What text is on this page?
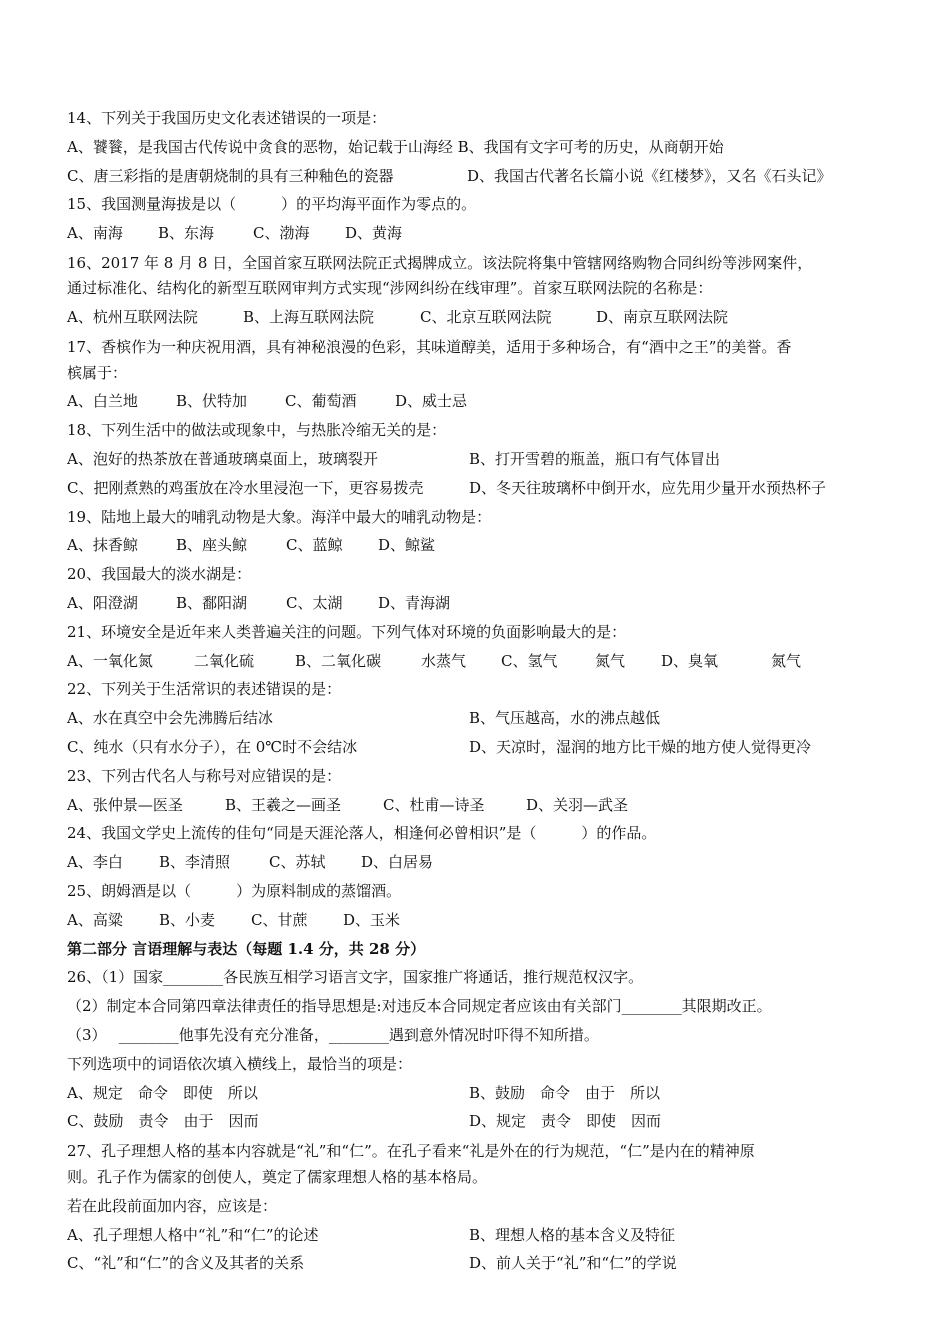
14、下列关于我国历史文化表述错误的一项是：
A、饕餮，是我国古代传说中贪食的恶物，始记载于山海经 B、我国有文字可考的历史，从商朝开始
C、唐三彩指的是唐朝烧制的具有三种釉色的瓷器	D、我国古代著名长篇小说《红楼梦》，又名《石头记》
15、我国测量海拔是以（　　　）的平均海平面作为零点的。
A、南海	B、东海	C、渤海	D、黄海
16、2017 年 8 月 8 日，全国首家互联网法院正式揭牌成立。该法院将集中管辖网络购物合同纠纷等涉网案件，
通过标准化、结构化的新型互联网审判方式实现“涉网纠纷在线审理”。首家互联网法院的名称是：
A、杭州互联网法院	B、上海互联网法院	C、北京互联网法院	D、南京互联网法院
17、香槟作为一种庆祝用酒，具有神秘浪漫的色彩，其味道醇美，适用于多种场合，有“酒中之王”的美誉。香
槟属于：
A、白兰地	B、伏特加	C、葡萄酒	D、威士忌
18、下列生活中的做法或现象中，与热胀冷缩无关的是：
A、泡好的热茶放在普通玻璃桌面上，玻璃裂开	B、打开雪碧的瓶盖，瓶口有气体冒出
C、把刚煮熟的鸡蛋放在冷水里浸泡一下，更容易拨壳	D、冬天往玻璃杯中倒开水，应先用少量开水预热杯子
19、陆地上最大的哺乳动物是大象。海洋中最大的哺乳动物是：
A、抹香鲸	B、座头鲸	C、蓝鲸	D、鲸鲨
20、我国最大的淡水湖是：
A、阳澄湖	B、鄱阳湖	C、太湖	D、青海湖
21、环境安全是近年来人类普遍关注的问题。下列气体对环境的负面影响最大的是：
A、一氧化氮	二氧化硫	B、二氧化碳	水蒸气	C、氢气	氮气	D、臭氧	氮气
22、下列关于生活常识的表述错误的是：
A、水在真空中会先沸腾后结冰	B、气压越高，水的沸点越低
C、纯水（只有水分子），在 0℃时不会结冰	D、天凉时，湿润的地方比干燥的地方使人觉得更冷
23、下列古代名人与称号对应错误的是：
A、张仲景—医圣	B、王羲之—画圣	C、杜甫—诗圣	D、关羽—武圣
24、我国文学史上流传的佳句“同是天涯沦落人，相逢何必曾相识”是（　　　）的作品。
A、李白	B、李清照	C、苏轼	D、白居易
25、朗姆酒是以（　　　）为原料制成的蒸馏酒。
A、高粱	B、小麦	C、甘蔗	D、玉米
第二部分 言语理解与表达（每题 1.4 分，共 28 分）
26、（1）国家________各民族互相学习语言文字，国家推广将通话，推行规范权汉字。
（2）制定本合同第四章法律责任的指导思想是:对违反本合同规定者应该由有关部门________其限期改正。
（3）　 ________他事先没有充分准备，________遇到意外情况时吓得不知所措。
下列选项中的词语依次填入横线上，最恰当的项是：
A、规定　命令　即使　所以	B、鼓励　命令　由于　所以
C、鼓励　责令　由于　因而	D、规定　责令　即使　因而
27、孔子理想人格的基本内容就是“礼”和“仁”。在孔子看来“礼是外在的行为规范，“仁”是内在的精神原
则。孔子作为儒家的创使人，奠定了儒家理想人格的基本格局。
若在此段前面加内容，应该是：
A、孔子理想人格中“礼”和“仁”的论述	B、理想人格的基本含义及特征
C、“礼”和“仁”的含义及其者的关系	D、前人关于“礼”和“仁”的学说
